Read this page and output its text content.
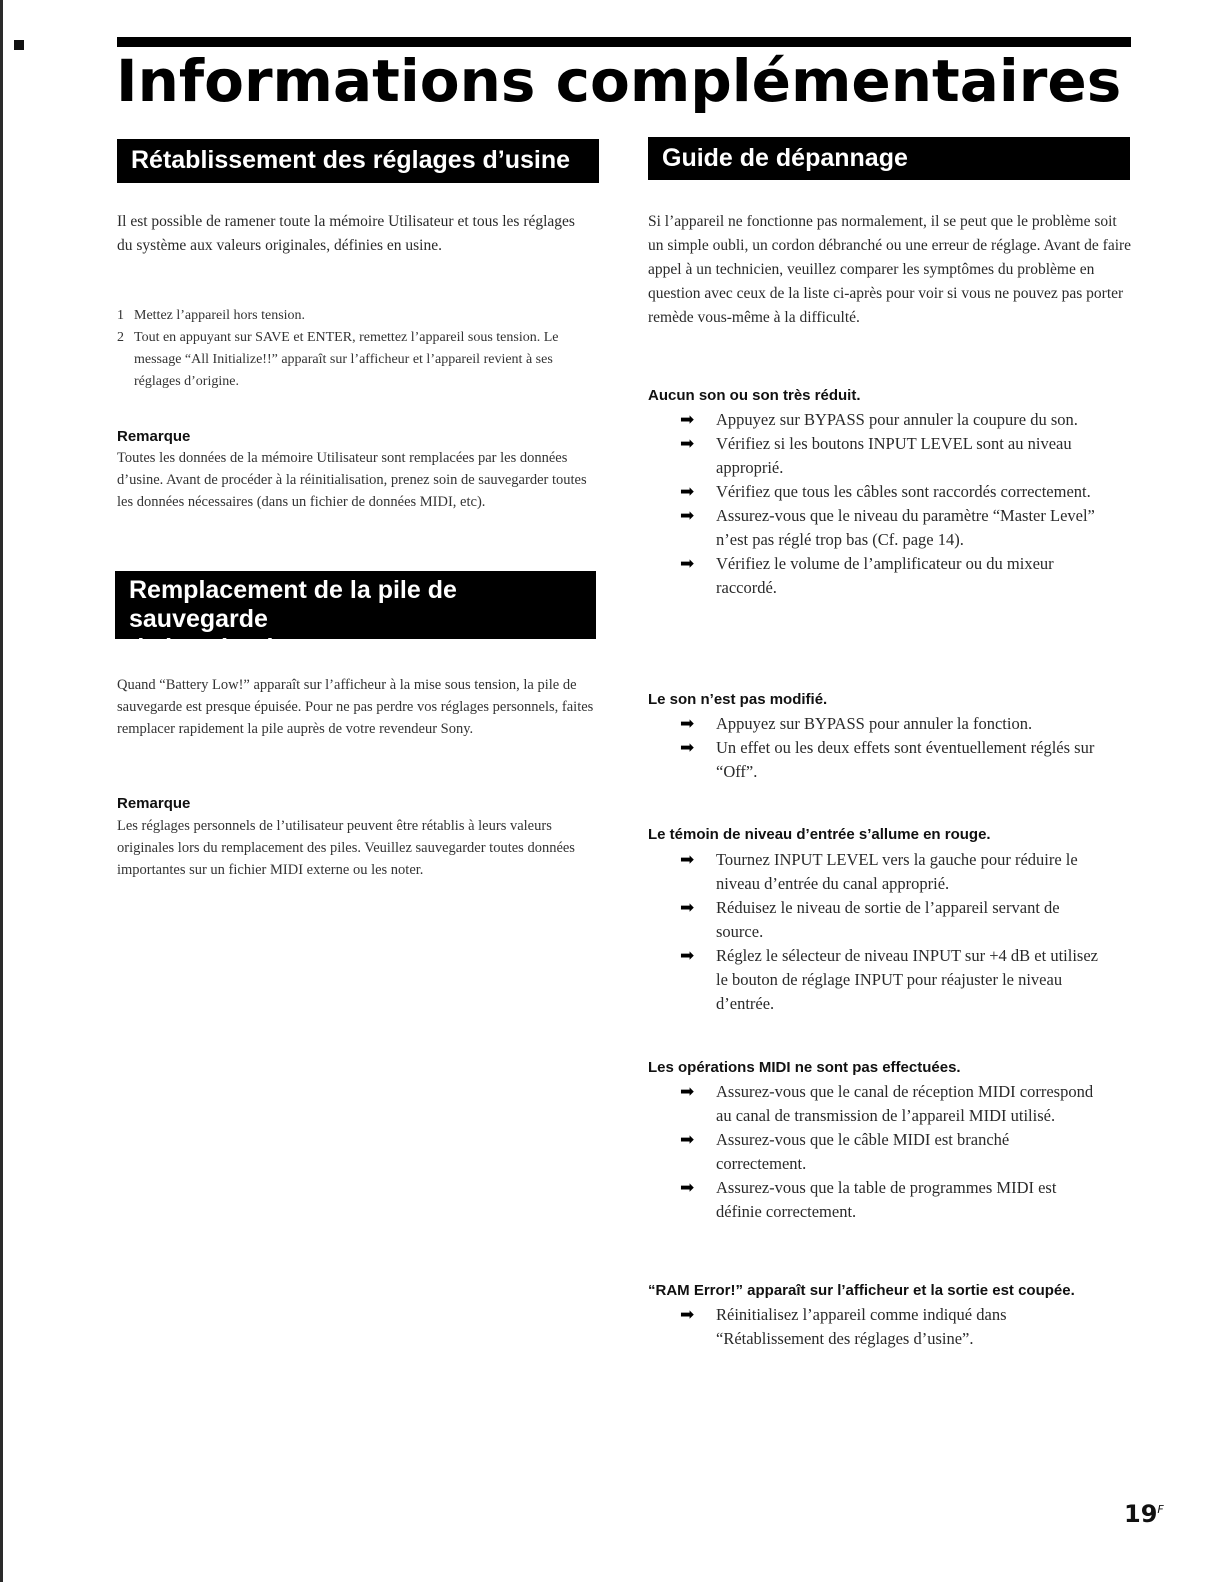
Informations complémentaires
Rétablissement des réglages d’usine

Il est possible de ramener toute la mémoire Utilisateur et tous les réglages du système aux valeurs originales, définies en usine.

1 Mettez l’appareil hors tension.
2 Tout en appuyant sur SAVE et ENTER, remettez l’appareil sous tension. Le message “All Initialize!!” apparaît sur l’afficheur et l’appareil revient à ses réglages d’origine.
Remarque

Toutes les données de la mémoire Utilisateur sont remplacées par les données d’usine. Avant de procéder à la réinitialisation, prenez soin de sauvegarder toutes les données nécessaires (dans un fichier de données MIDI, etc).

Remplacement de la pile de sauvegarde
de la mémoire

Quand “Battery Low!” apparaît sur l’afficheur à la mise sous tension, la pile de sauvegarde est presque épuisée. Pour ne pas perdre vos réglages personnels, faites remplacer rapidement la pile auprès de votre revendeur Sony.

Remarque

Les réglages personnels de l’utilisateur peuvent être rétablis à leurs valeurs originales lors du remplacement des piles. Veuillez sauvegarder toutes données importantes sur un fichier MIDI externe ou les noter.

Guide de dépannage

Si l’appareil ne fonctionne pas normalement, il se peut que le problème soit un simple oubli, un cordon débranché ou une erreur de réglage. Avant de faire appel à un technicien, veuillez comparer les symptômes du problème en question avec ceux de la liste ci-après pour voir si vous ne pouvez pas porter remède vous-même à la difficulté.

Aucun son ou son très réduit.
➡ Appuyez sur BYPASS pour annuler la coupure du son.
➡ Vérifiez si les boutons INPUT LEVEL sont au niveau approprié.
➡ Vérifiez que tous les câbles sont raccordés correctement.
➡ Assurez-vous que le niveau du paramètre “Master Level” n’est pas réglé trop bas (Cf. page 14).
➡ Vérifiez le volume de l’amplificateur ou du mixeur raccordé.
Le son n’est pas modifié.
➡ Appuyez sur BYPASS pour annuler la fonction.
➡ Un effet ou les deux effets sont éventuellement réglés sur “Off”.
Le témoin de niveau d’entrée s’allume en rouge.
➡ Tournez INPUT LEVEL vers la gauche pour réduire le niveau d’entrée du canal approprié.
➡ Réduisez le niveau de sortie de l’appareil servant de source.
➡ Réglez le sélecteur de niveau INPUT sur +4 dB et utilisez le bouton de réglage INPUT pour réajuster le niveau d’entrée.
Les opérations MIDI ne sont pas effectuées.
➡ Assurez-vous que le canal de réception MIDI correspond au canal de transmission de l’appareil MIDI utilisé.
➡ Assurez-vous que le câble MIDI est branché correctement.
➡ Assurez-vous que la table de programmes MIDI est définie correctement.
“RAM Error!” apparaît sur l’afficheur et la sortie est coupée.
➡ Réinitialisez l’appareil comme indiqué dans “Rétablissement des réglages d’usine”.

$19^F$
